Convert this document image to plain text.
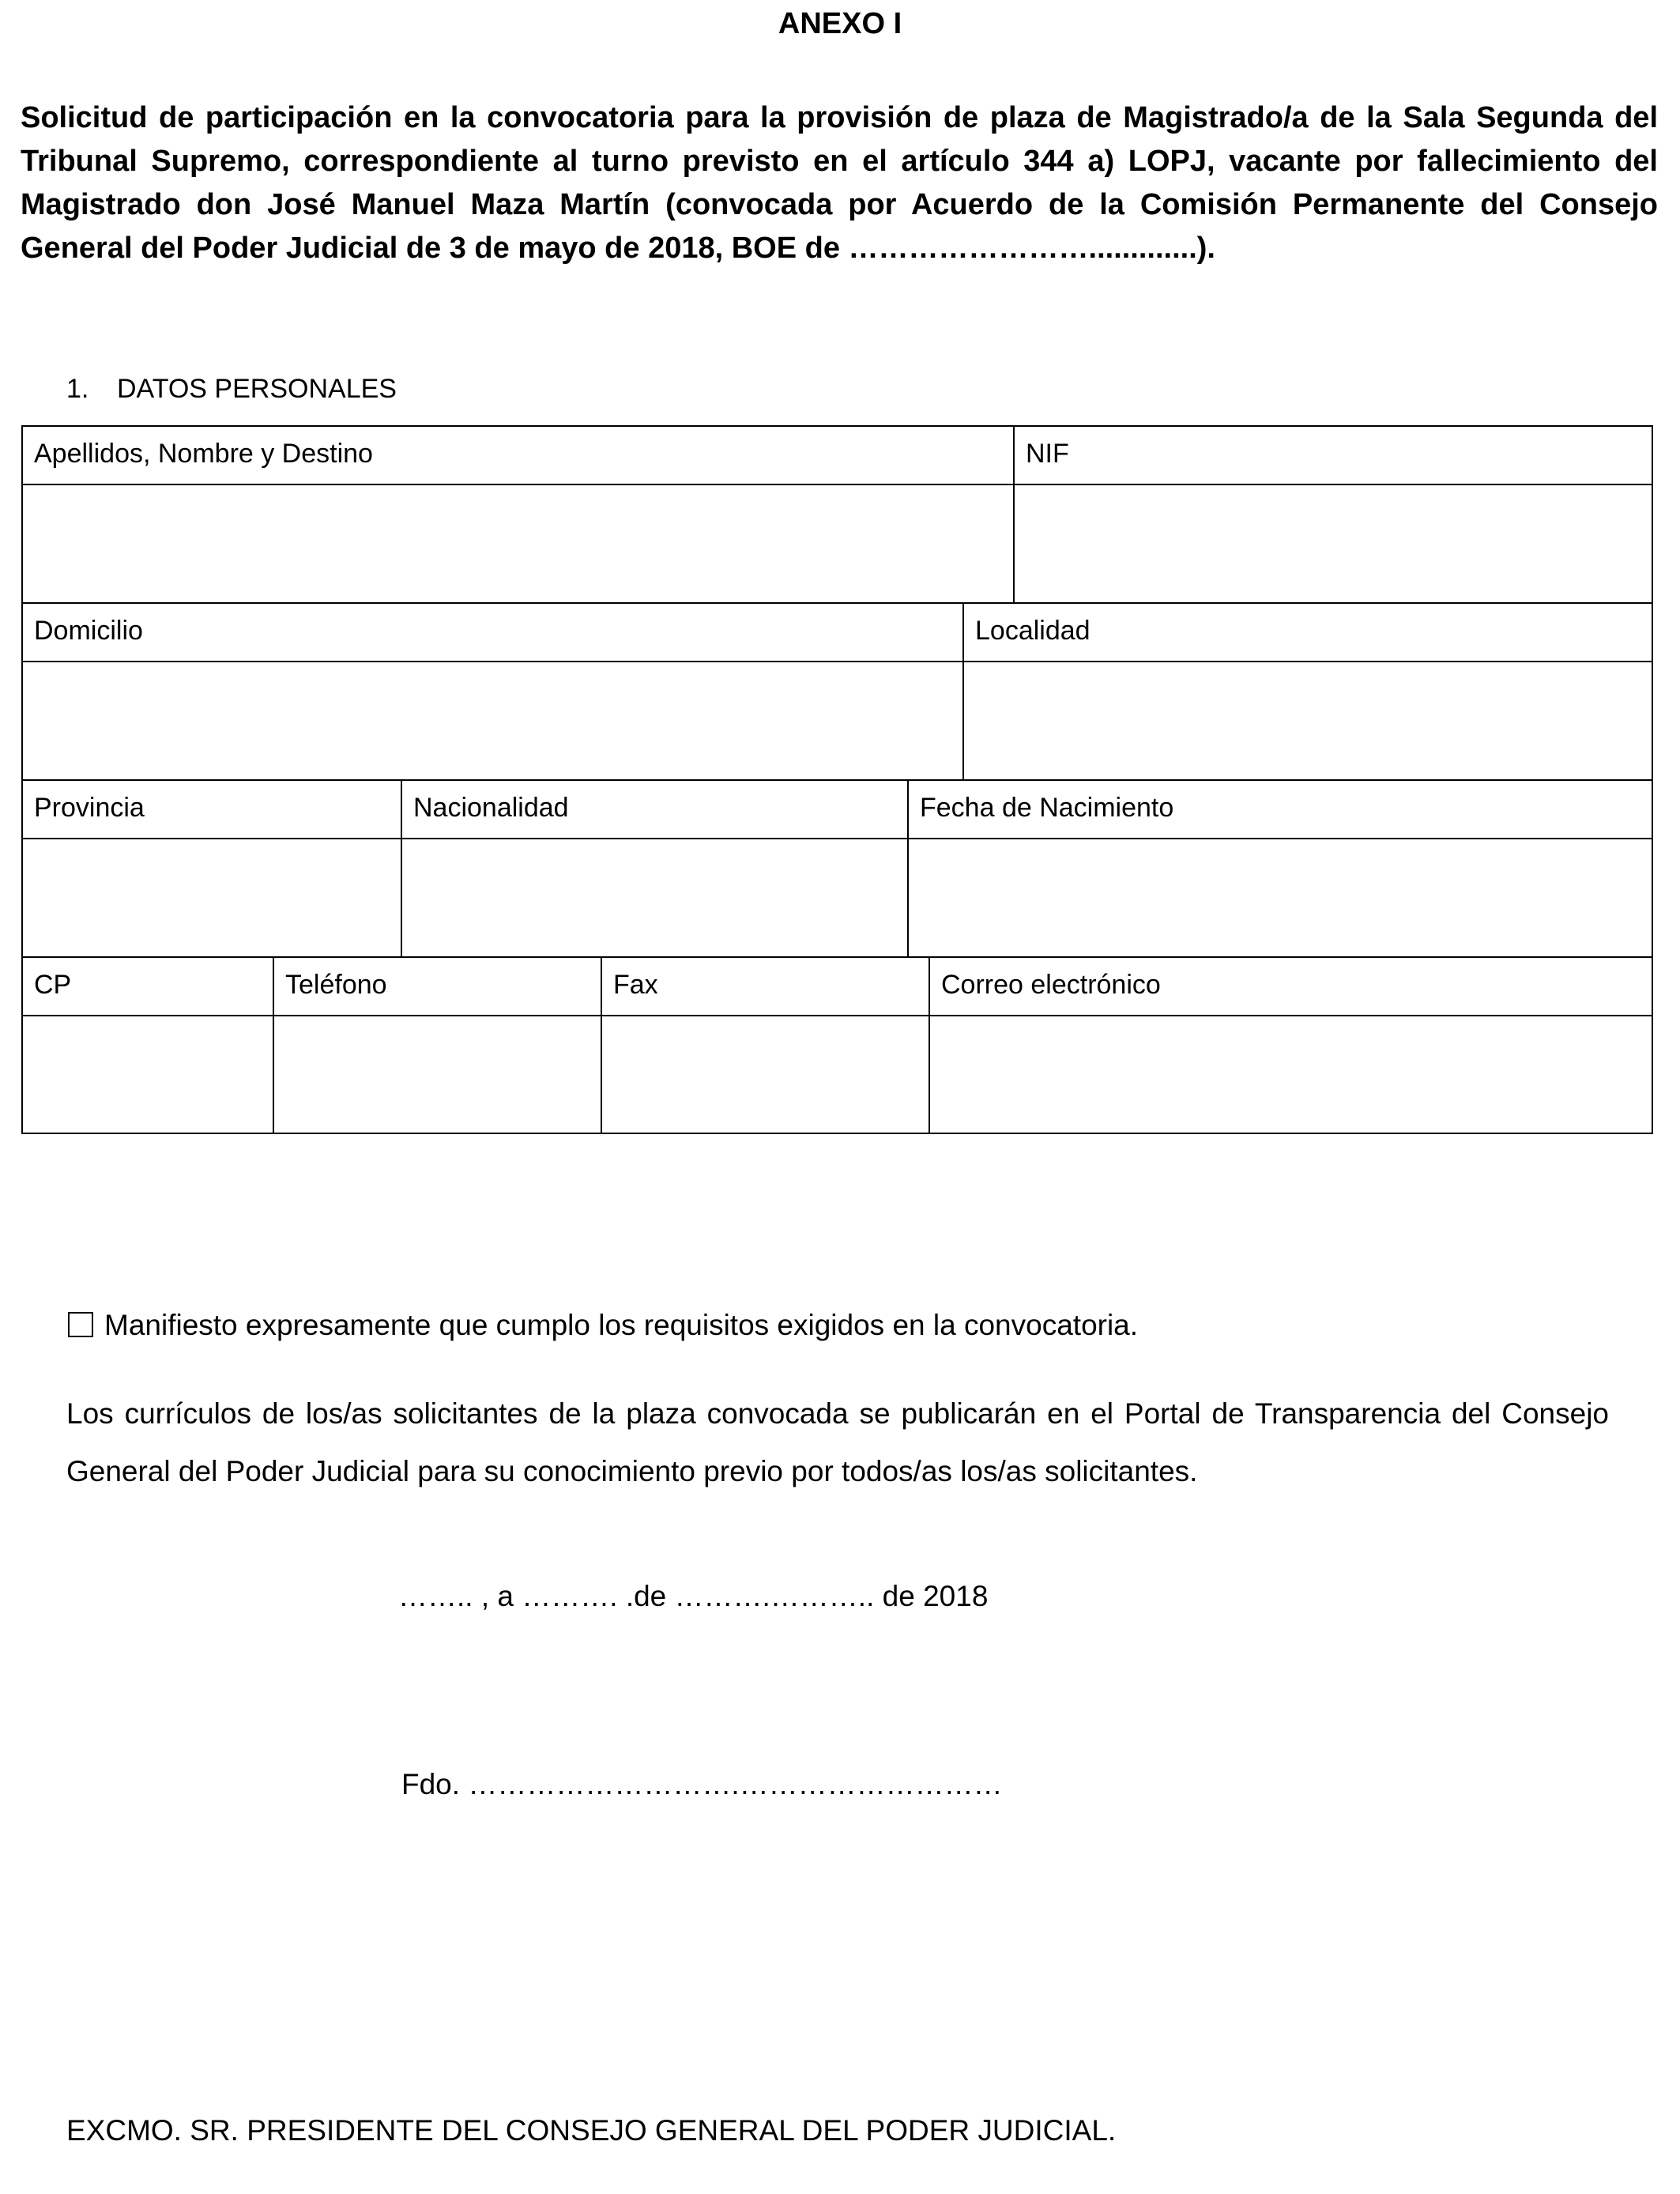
ANEXO I

Solicitud de participación en la convocatoria para la provisión de plaza de Magistrado/a de la Sala Segunda del Tribunal Supremo, correspondiente al turno previsto en el artículo 344 a) LOPJ, vacante por fallecimiento del Magistrado don José Manuel Maza Martín (convocada por Acuerdo de la Comisión Permanente del Consejo General del Poder Judicial de 3 de mayo de 2018, BOE de …………………….............).

1. DATOS PERSONALES
Apellidos, Nombre y Destino	NIF
Domicilio	Localidad
Provincia	Nacionalidad	Fecha de Nacimiento
CP	Teléfono	Fax	Correo electrónico
Manifiesto expresamente que cumplo los requisitos exigidos en la convocatoria.

Los currículos de los/as solicitantes de la plaza convocada se publicarán en el Portal de Transparencia del Consejo General del Poder Judicial para su conocimiento previo por todos/as los/as solicitantes.

…….. , a ………. .de ……….……….. de 2018
Fdo. ……………………….………………………
EXCMO. SR. PRESIDENTE DEL CONSEJO GENERAL DEL PODER JUDICIAL.
